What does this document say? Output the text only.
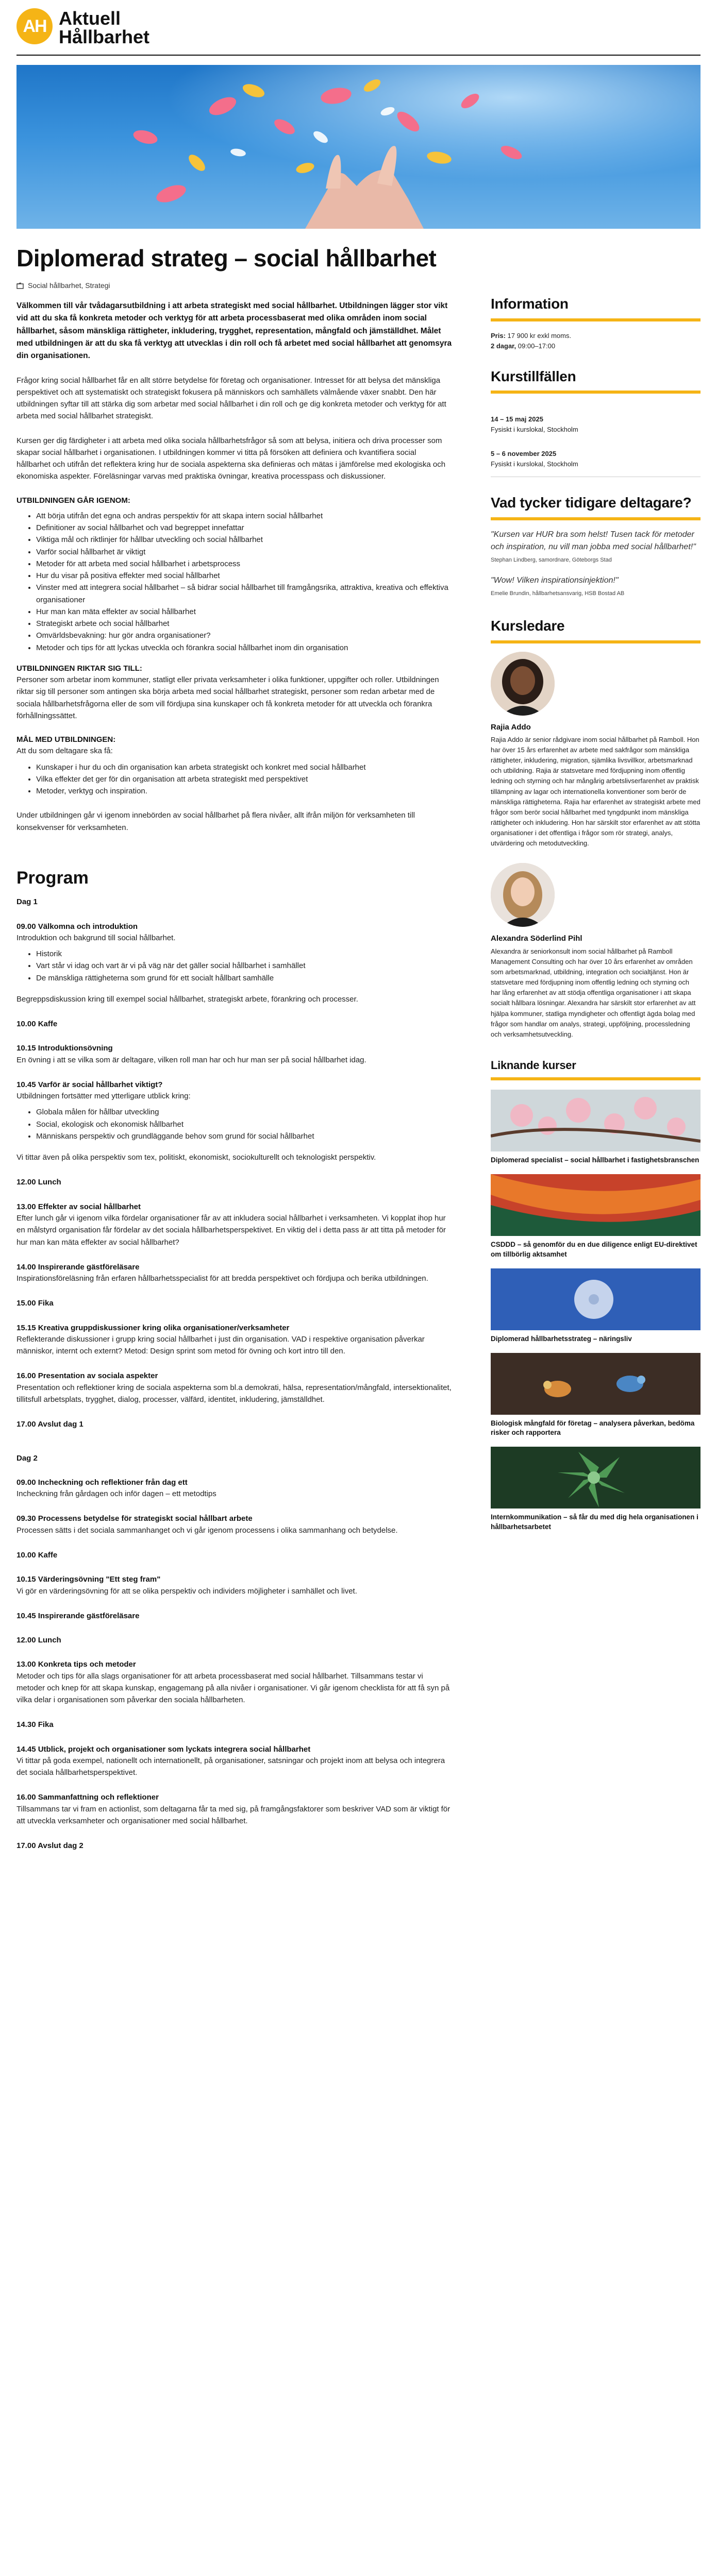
AH Aktuell
Hållbarhet
Diplomerad strateg – social hållbarhet
Social hållbarhet, Strategi

Välkommen till vår tvådagarsutbildning i att arbeta strategiskt med social hållbarhet. Utbildningen lägger stor vikt vid att du ska få konkreta metoder och verktyg för att arbeta processbaserat med olika områden inom social hållbarhet, såsom mänskliga rättigheter, inkludering, trygghet, representation, mångfald och jämställdhet. Målet med utbildningen är att du ska få verktyg att utvecklas i din roll och få arbetet med social hållbarhet att genomsyra din organisationen.

Frågor kring social hållbarhet får en allt större betydelse för företag och organisationer. Intresset för att belysa det mänskliga perspektivet och att systematiskt och strategiskt fokusera på människors och samhällets välmående växer snabbt. Den här utbildningen syftar till att stärka dig som arbetar med social hållbarhet i din roll och ge dig konkreta metoder och verktyg för att arbeta med social hållbarhet strategiskt.

Kursen ger dig färdigheter i att arbeta med olika sociala hållbarhetsfrågor så som att belysa, initiera och driva processer som skapar social hållbarhet i organisationen. I utbildningen kommer vi titta på försöken att definiera och kvantifiera social hållbarhet och utifrån det reflektera kring hur de sociala aspekterna ska definieras och mätas i jämförelse med ekologiska och ekonomiska aspekter. Föreläsningar varvas med praktiska övningar, kreativa processpass och diskussioner.

UTBILDNINGEN GÅR IGENOM:
• Att börja utifrån det egna och andras perspektiv för att skapa intern social hållbarhet
• Definitioner av social hållbarhet och vad begreppet innefattar
• Viktiga mål och riktlinjer för hållbar utveckling och social hållbarhet
• Varför social hållbarhet är viktigt
• Metoder för att arbeta med social hållbarhet i arbetsprocess
• Hur du visar på positiva effekter med social hållbarhet
• Vinster med att integrera social hållbarhet – så bidrar social hållbarhet till framgångsrika, attraktiva, kreativa och effektiva organisationer
• Hur man kan mäta effekter av social hållbarhet
• Strategiskt arbete och social hållbarhet
• Omvärldsbevakning: hur gör andra organisationer?
• Metoder och tips för att lyckas utveckla och förankra social hållbarhet inom din organisation
UTBILDNINGEN RIKTAR SIG TILL:

Personer som arbetar inom kommuner, statligt eller privata verksamheter i olika funktioner, uppgifter och roller. Utbildningen riktar sig till personer som antingen ska börja arbeta med social hållbarhet strategiskt, personer som redan arbetar med de sociala hållbarhetsfrågorna eller de som vill fördjupa sina kunskaper och få konkreta metoder för att utveckla och förankra förhållningssättet.

MÅL MED UTBILDNINGEN:

Att du som deltagare ska få:

• Kunskaper i hur du och din organisation kan arbeta strategiskt och konkret med social hållbarhet
• Vilka effekter det ger för din organisation att arbeta strategiskt med perspektivet
• Metoder, verktyg och inspiration.

Under utbildningen går vi igenom innebörden av social hållbarhet på flera nivåer, allt ifrån miljön för verksamheten till konsekvenser för verksamheten.

Program
Dag 1
09.00 Välkomna och introduktion
Introduktion och bakgrund till social hållbarhet.
• Historik
• Vart står vi idag och vart är vi på väg när det gäller social hållbarhet i samhället
• De mänskliga rättigheterna som grund för ett socialt hållbart samhälle
Begreppsdiskussion kring till exempel social hållbarhet, strategiskt arbete, förankring och processer.
10.00 Kaffe
10.15 Introduktionsövning
En övning i att se vilka som är deltagare, vilken roll man har och hur man ser på social hållbarhet idag.
10.45 Varför är social hållbarhet viktigt?
Utbildningen fortsätter med ytterligare utblick kring:
• Globala målen för hållbar utveckling
• Social, ekologisk och ekonomisk hållbarhet
• Människans perspektiv och grundläggande behov som grund för social hållbarhet
Vi tittar även på olika perspektiv som tex, politiskt, ekonomiskt, sociokulturellt och teknologiskt perspektiv.
12.00 Lunch
13.00 Effekter av social hållbarhet
Efter lunch går vi igenom vilka fördelar organisationer får av att inkludera social hållbarhet i verksamheten. Vi kopplat ihop hur en målstyrd organisation får fördelar av det sociala hållbarhetsperspektivet. En viktig del i detta pass är att titta på metoder för hur man kan mäta effekter av social hållbarhet?
14.00 Inspirerande gästföreläsare
Inspirationsföreläsning från erfaren hållbarhetsspecialist för att bredda perspektivet och fördjupa och berika utbildningen.
15.00 Fika
15.15 Kreativa gruppdiskussioner kring olika organisationer/verksamheter
Reflekterande diskussioner i grupp kring social hållbarhet i just din organisation. VAD i respektive organisation påverkar människor, internt och externt? Metod: Design sprint som metod för övning och kort intro till den.
16.00 Presentation av sociala aspekter
Presentation och reflektioner kring de sociala aspekterna som bl.a demokrati, hälsa, representation/mångfald, intersektionalitet, tillitsfull arbetsplats, trygghet, dialog, processer, välfärd, identitet, inkludering, jämställdhet.
17.00 Avslut dag 1
Dag 2
09.00 Incheckning och reflektioner från dag ett
Incheckning från gårdagen och inför dagen – ett metodtips
09.30 Processens betydelse för strategiskt social hållbart arbete
Processen sätts i det sociala sammanhanget och vi går igenom processens i olika sammanhang och betydelse.
10.00 Kaffe
10.15 Värderingsövning "Ett steg fram"
Vi gör en värderingsövning för att se olika perspektiv och individers möjligheter i samhället och livet.
10.45 Inspirerande gästföreläsare
12.00 Lunch
13.00 Konkreta tips och metoder
Metoder och tips för alla slags organisationer för att arbeta processbaserat med social hållbarhet. Tillsammans testar vi metoder och knep för att skapa kunskap, engagemang på alla nivåer i organisationer. Vi går igenom checklista för att få syn på vilka delar i organisationen som påverkar den sociala hållbarheten.
14.30 Fika
14.45 Utblick, projekt och organisationer som lyckats integrera social hållbarhet
Vi tittar på goda exempel, nationellt och internationellt, på organisationer, satsningar och projekt inom att belysa och integrera det sociala hållbarhetsperspektivet.
16.00 Sammanfattning och reflektioner
Tillsammans tar vi fram en actionlist, som deltagarna får ta med sig, på framgångsfaktorer som beskriver VAD som är viktigt för att utveckla verksamheter och organisationer med social hållbarhet.
17.00 Avslut dag 2
Information
Pris: 17 900 kr exkl moms.
2 dagar, 09:00–17:00
Kurstillfällen
14 – 15 maj 2025
Fysiskt i kurslokal, Stockholm
5 – 6 november 2025
Fysiskt i kurslokal, Stockholm
Vad tycker tidigare deltagare?
"Kursen var HUR bra som helst! Tusen tack för metoder och inspiration, nu vill man jobba med social hållbarhet!"
Stephan Lindberg, samordnare, Göteborgs Stad
"Wow! Vilken inspirationsinjektion!"
Emelie Brundin, hållbarhetsansvarig, HSB Bostad AB
Kursledare
Rajia Addo
Rajia Addo är senior rådgivare inom social hållbarhet på Ramboll. Hon har över 15 års erfarenhet av arbete med sakfrågor som mänskliga rättigheter, inkludering, migration, sjämlika livsvillkor, arbetsmarknad och utbildning. Rajia är statsvetare med fördjupning inom offentlig ledning och styrning och har mångårig arbetslivserfarenhet av praktisk tillämpning av lagar och internationella konventioner som berör de mänskliga rättigheterna. Rajia har erfarenhet av strategiskt arbete med frågor som berör social hållbarhet med tyngdpunkt inom mänskliga rättigheter och inkludering. Hon har särskilt stor erfarenhet av att stötta organisationer i det offentliga i frågor som rör strategi, analys, utvärdering och metodutveckling.
Alexandra Söderlind Pihl
Alexandra är seniorkonsult inom social hållbarhet på Ramboll Management Consulting och har över 10 års erfarenhet av områden som arbetsmarknad, utbildning, integration och socialtjänst. Hon är statsvetare med fördjupning inom offentlig ledning och styrning och har lång erfarenhet av att stödja offentliga organisationer i att skapa socialt hållbara lösningar. Alexandra har särskilt stor erfarenhet av att hjälpa kommuner, statliga myndigheter och offentligt ägda bolag med frågor som handlar om analys, strategi, uppföljning, processledning och verksamhetsutveckling.
Liknande kurser
Diplomerad specialist – social hållbarhet i fastighetsbranschen
CSDDD – så genomför du en due diligence enligt EU-direktivet om tillbörlig aktsamhet
Diplomerad hållbarhetsstrateg – näringsliv
Biologisk mångfald för företag – analysera påverkan, bedöma risker och rapportera
Internkommunikation – så får du med dig hela organisationen i hållbarhetsarbetet
